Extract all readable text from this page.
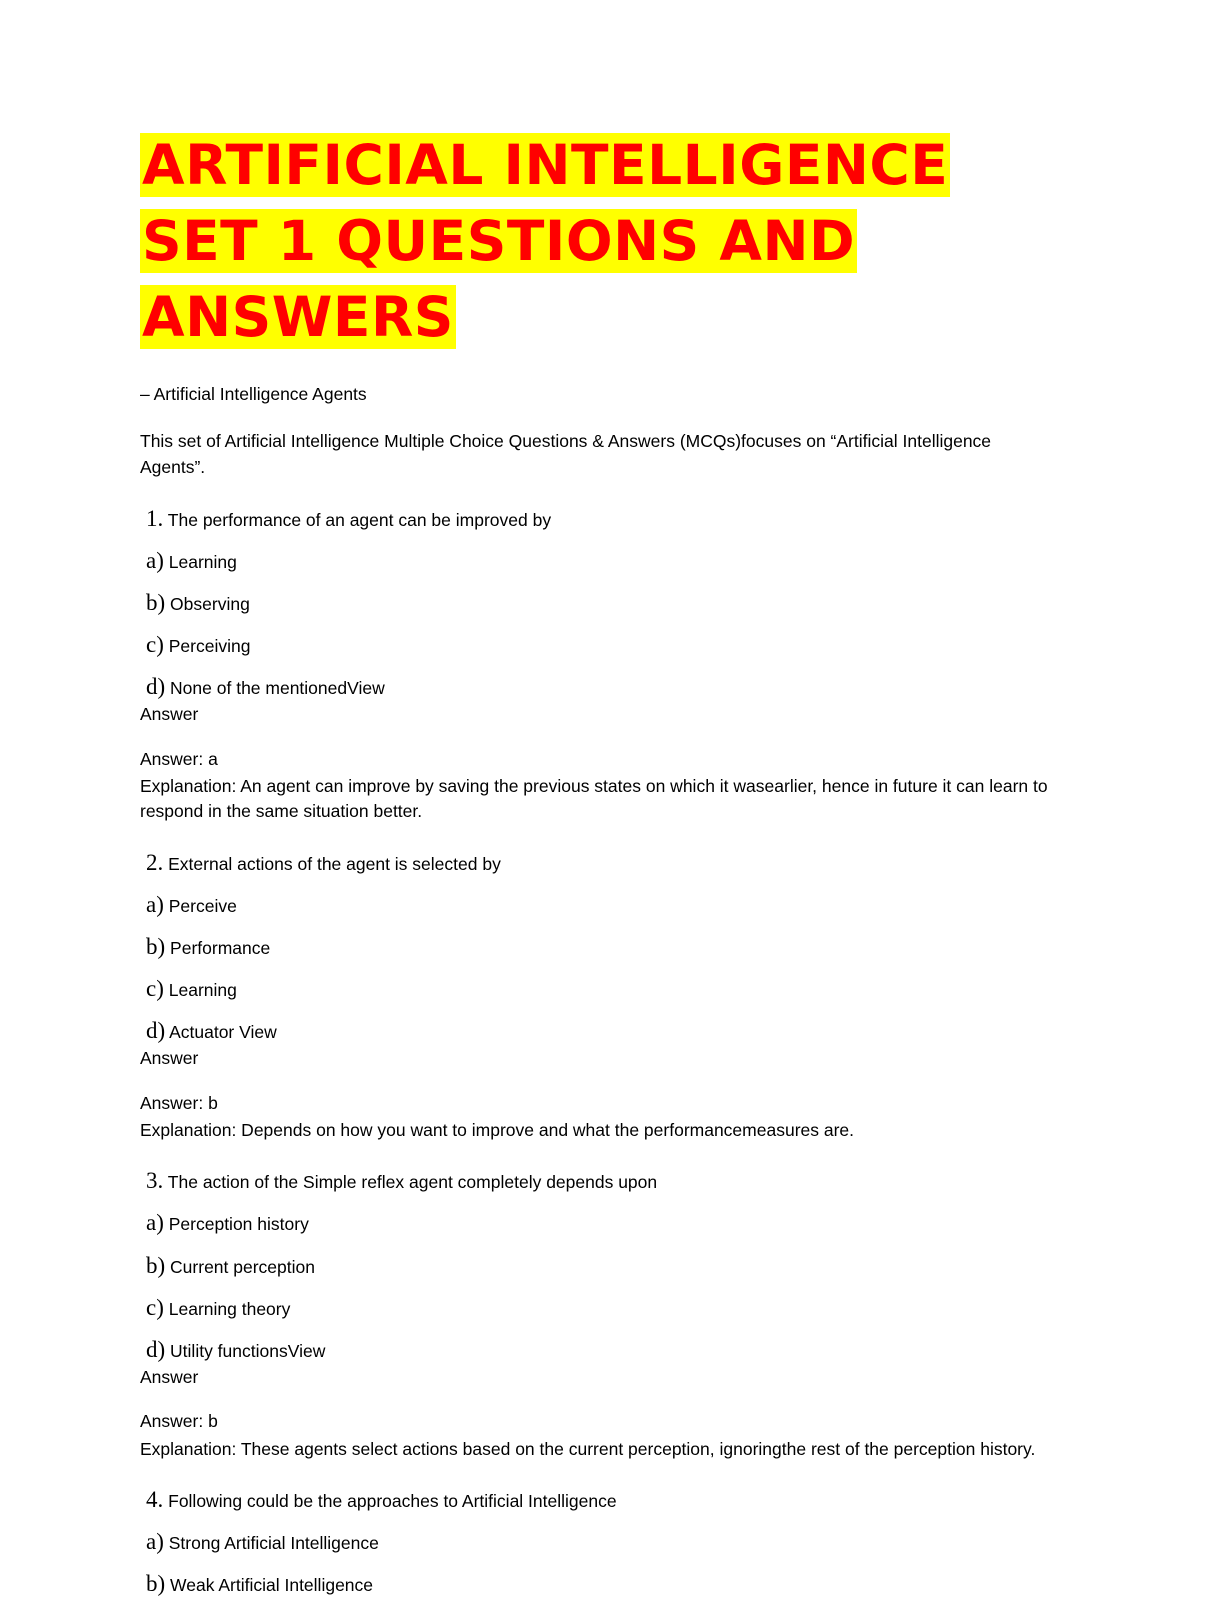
ARTIFICIAL INTELLIGENCE
SET 1 QUESTIONS AND
ANSWERS

– Artificial Intelligence Agents

This set of Artificial Intelligence Multiple Choice Questions & Answers (MCQs)focuses on “Artificial Intelligence Agents”.

1. The performance of an agent can be improved by

a) Learning

b) Observing

c) Perceiving

d) None of the mentionedView

Answer

Answer: a

Explanation: An agent can improve by saving the previous states on which it wasearlier, hence in future it can learn to respond in the same situation better.

2. External actions of the agent is selected by

a) Perceive

b) Performance

c) Learning

d) Actuator View

Answer

Answer: b

Explanation: Depends on how you want to improve and what the performancemeasures are.

3. The action of the Simple reflex agent completely depends upon

a) Perception history

b) Current perception

c) Learning theory

d) Utility functionsView

Answer

Answer: b

Explanation: These agents select actions based on the current perception, ignoringthe rest of the perception history.

4. Following could be the approaches to Artificial Intelligence

a) Strong Artificial Intelligence

b) Weak Artificial Intelligence
